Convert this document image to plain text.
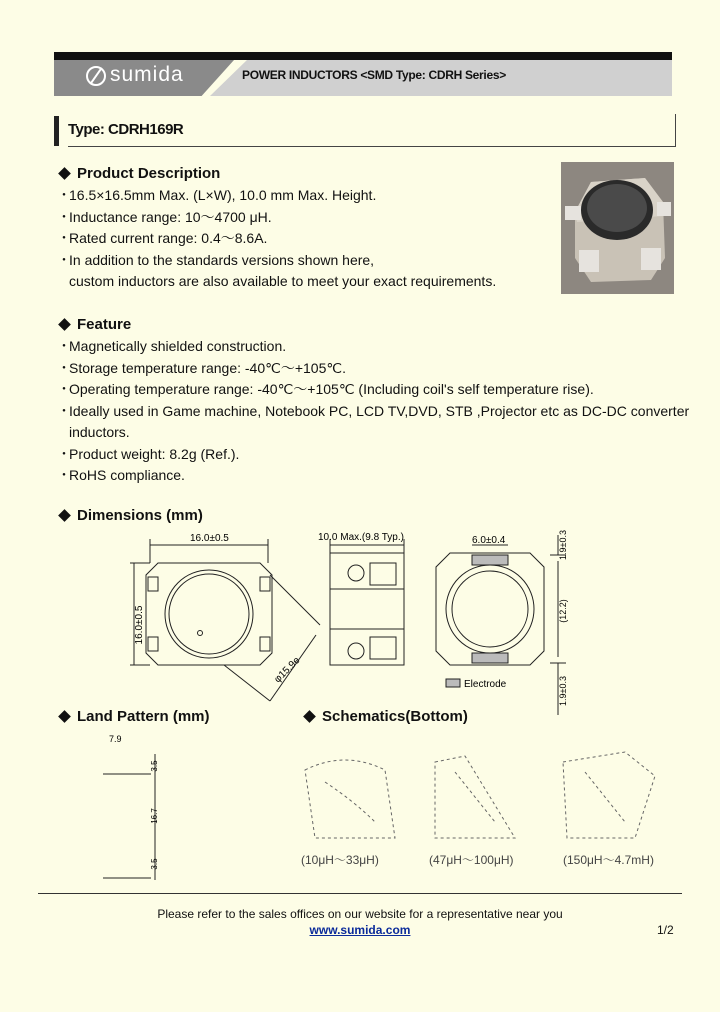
sumida	POWER INDUCTORS <SMD Type: CDRH Series>
Type: CDRH169R
Product Description
・16.5×16.5mm Max. (L×W), 10.0 mm Max. Height.
・Inductance range: 10～4700 μH.
・Rated current range: 0.4～8.6A.
・In addition to the standards versions shown here,
custom inductors are also available to meet your exact requirements.
Feature
・Magnetically shielded construction.
・Storage temperature range: -40℃～+105℃.
・Operating temperature range: -40℃～+105℃ (Including coil's self temperature rise).
・Ideally used in Game machine, Notebook PC, LCD TV,DVD, STB ,Projector etc as DC-DC converter
inductors.
・Product weight: 8.2g (Ref.).
・RoHS compliance.
Dimensions (mm)
16.0±0.5
16.0±0.5
φ15.9e
10.0 Max.(9.8 Typ.)	6.0±0.4	1.9±0.3
(12.2)
1.9±0.3
Electrode
Land Pattern (mm)
7.9
3.5
16.7
3.5
Schematics(Bottom)
(10μH～33μH)	(47μH～100μH)	(150μH～4.7mH)
Please refer to the sales offices on our website for a representative near you
www.sumida.com	1/2
